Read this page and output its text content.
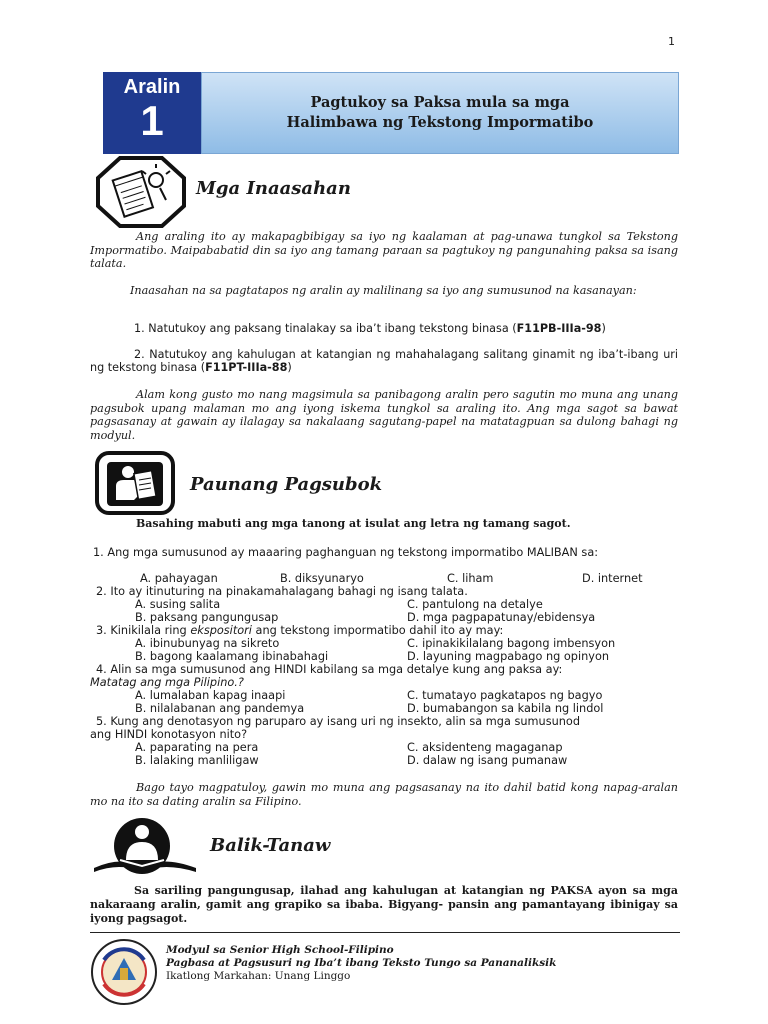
1
Aralin
1	Pagtukoy sa Paksa mula sa mga
Halimbawa ng Tekstong Impormatibo
Mga Inaasahan
Ang araling ito ay makapagbibigay sa iyo ng kaalaman at pag-unawa tungkol sa Tekstong Impormatibo. Maipababatid din sa iyo ang tamang paraan sa pagtukoy ng pangunahing paksa sa isang talata.
Inaasahan na sa pagtatapos ng aralin ay malilinang sa iyo ang sumusunod na kasanayan:
1. Natutukoy ang paksang tinalakay sa iba’t ibang tekstong binasa (F11PB-IIIa-98)
2. Natutukoy ang kahulugan at katangian ng mahahalagang salitang ginamit ng iba’t-ibang uri ng tekstong binasa (F11PT-IIIa-88)
Alam kong gusto mo nang magsimula sa panibagong aralin pero sagutin mo muna ang unang pagsubok upang malaman mo ang iyong iskema tungkol sa araling ito. Ang mga sagot sa bawat pagsasanay at gawain ay ilalagay sa nakalaang sagutang-papel na matatagpuan sa dulong bahagi ng modyul.
Paunang Pagsubok
Basahing mabuti ang mga tanong at isulat ang letra ng tamang sagot.
1. Ang mga sumusunod ay maaaring paghanguan ng tekstong impormatibo MALIBAN sa:
A. pahayagan	B. diksyunaryo	C. liham	D. internet
2. Ito ay itinuturing na pinakamahalagang bahagi ng isang talata.
A. susing salita	C. pantulong na detalye
B. paksang pangungusap	D. mga pagpapatunay/ebidensya
3. Kinikilala ring ekspositori ang tekstong impormatibo dahil ito ay may:
A. ibinubunyag na sikreto	C. ipinakikilalang bagong imbensyon
B. bagong kaalamang ibinabahagi	D. layuning magpabago ng opinyon
4. Alin sa mga sumusunod ang HINDI kabilang sa mga detalye kung ang paksa ay:
Matatag ang mga Pilipino.?
A. lumalaban kapag inaapi	C. tumatayo pagkatapos ng bagyo
B. nilalabanan ang pandemya	D. bumabangon sa kabila ng lindol
5. Kung ang denotasyon ng paruparo ay isang uri ng insekto, alin sa mga sumusunod
ang HINDI konotasyon nito?
A. paparating na pera	C. aksidenteng magaganap
B. lalaking manliligaw	D. dalaw ng isang pumanaw
Bago tayo magpatuloy, gawin mo muna ang pagsasanay na ito dahil batid kong napag-aralan mo na ito sa dating aralin sa Filipino.
Balik-Tanaw
Sa sariling pangungusap, ilahad ang kahulugan at katangian ng PAKSA ayon sa mga nakaraang aralin, gamit ang grapiko sa ibaba. Bigyang- pansin ang pamantayang ibinigay sa iyong pagsagot.
Modyul sa Senior High School-Filipino
Pagbasa at Pagsusuri ng Iba’t ibang Teksto Tungo sa Pananaliksik
Ikatlong Markahan: Unang Linggo
